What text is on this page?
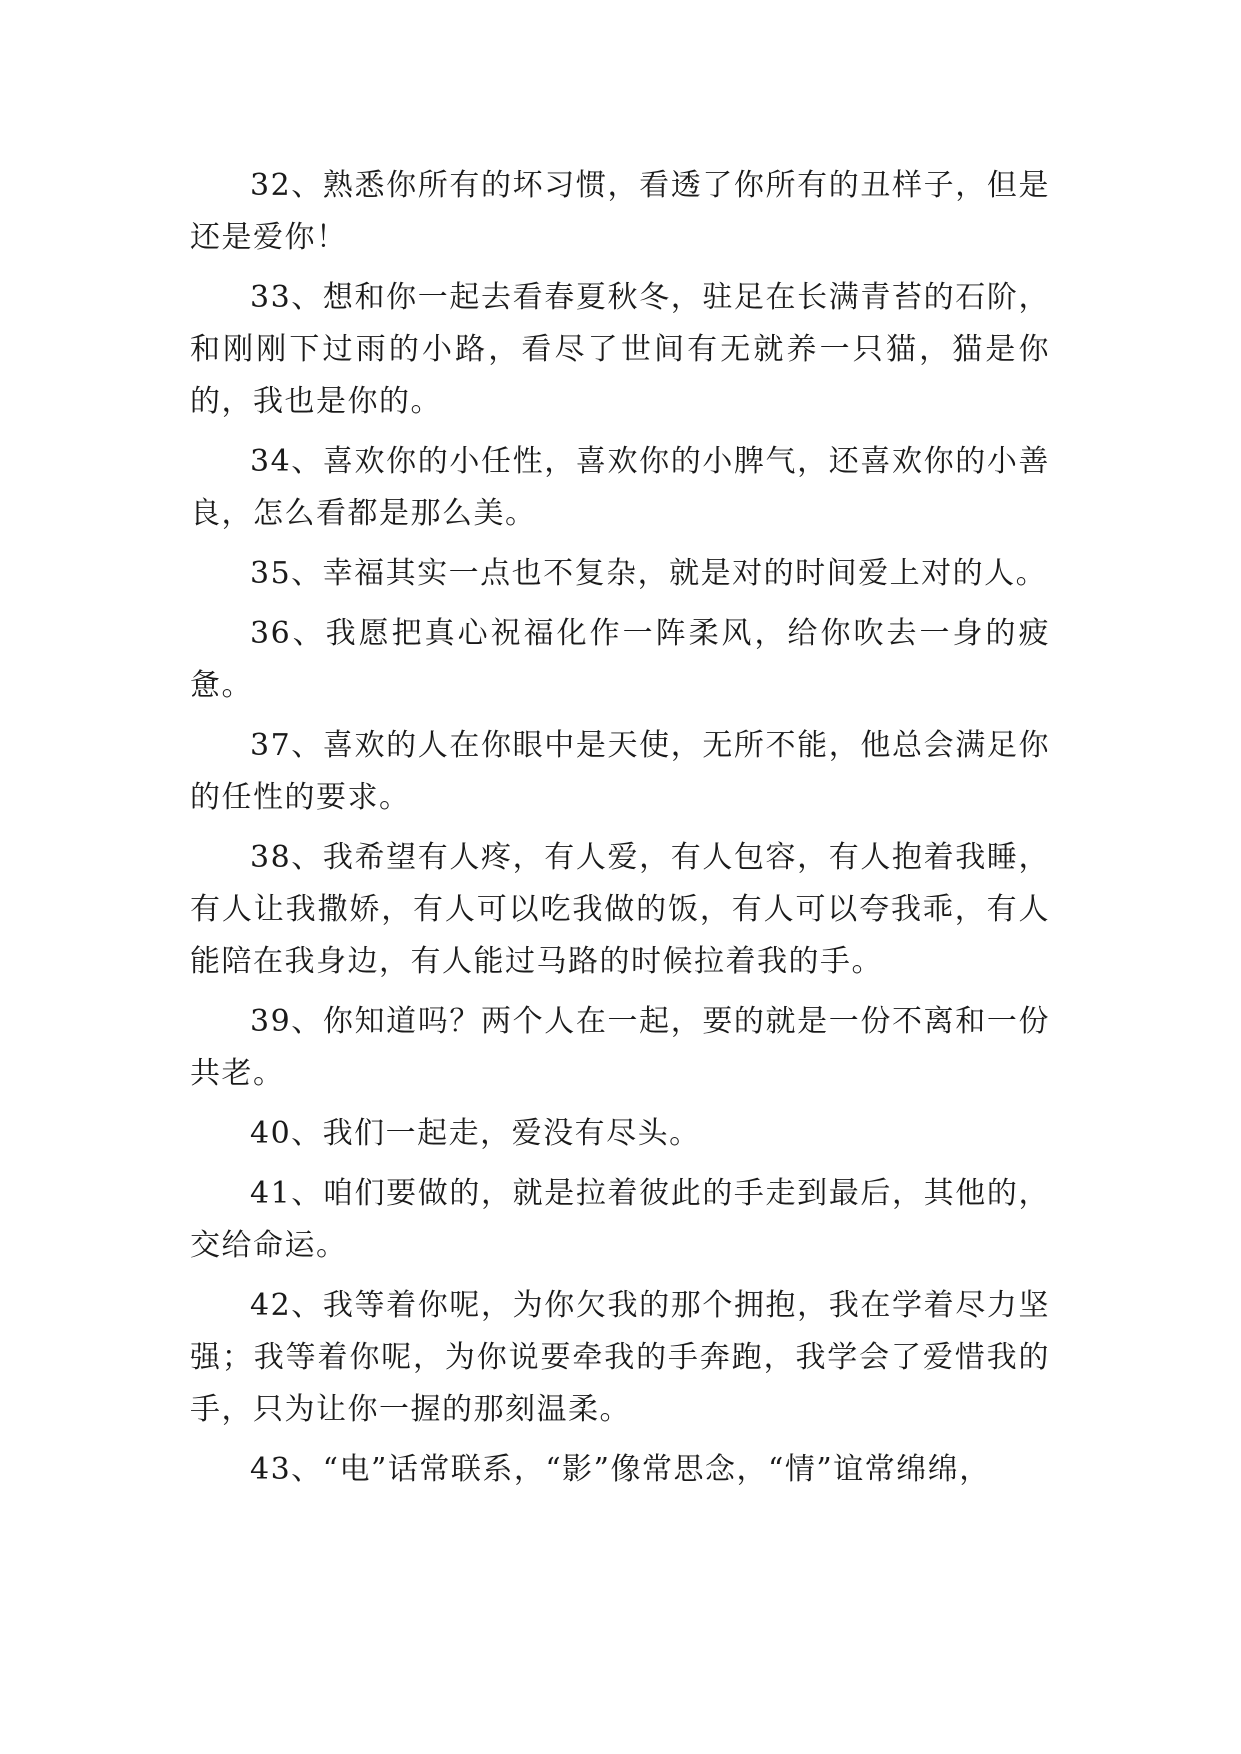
32、熟悉你所有的坏习惯，看透了你所有的丑样子，但是还是爱你！

33、想和你一起去看春夏秋冬，驻足在长满青苔的石阶，和刚刚下过雨的小路，看尽了世间有无就养一只猫，猫是你的，我也是你的。

34、喜欢你的小任性，喜欢你的小脾气，还喜欢你的小善良，怎么看都是那么美。

35、幸福其实一点也不复杂，就是对的时间爱上对的人。

36、我愿把真心祝福化作一阵柔风，给你吹去一身的疲惫。

37、喜欢的人在你眼中是天使，无所不能，他总会满足你的任性的要求。

38、我希望有人疼，有人爱，有人包容，有人抱着我睡，有人让我撒娇，有人可以吃我做的饭，有人可以夸我乖，有人能陪在我身边，有人能过马路的时候拉着我的手。

39、你知道吗？两个人在一起，要的就是一份不离和一份共老。

40、我们一起走，爱没有尽头。

41、咱们要做的，就是拉着彼此的手走到最后，其他的，交给命运。

42、我等着你呢，为你欠我的那个拥抱，我在学着尽力坚强；我等着你呢，为你说要牵我的手奔跑，我学会了爱惜我的手，只为让你一握的那刻温柔。

43、“电”话常联系，“影”像常思念，“情”谊常绵绵，
